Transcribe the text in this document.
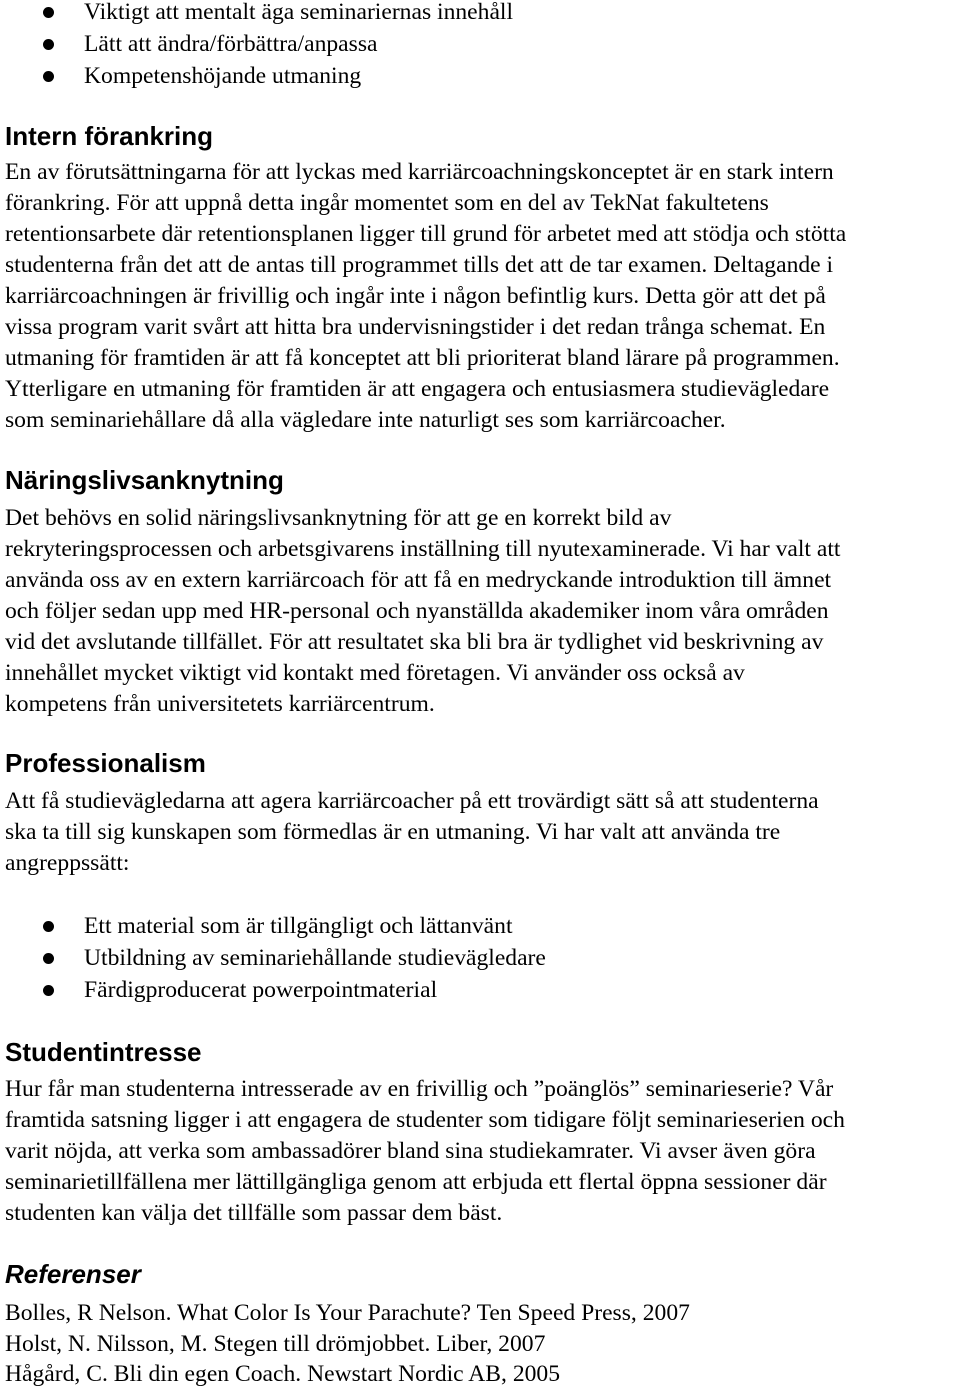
Viktigt att mentalt äga seminariernas innehåll
Lätt att ändra/förbättra/anpassa
Kompetenshöjande utmaning
Intern förankring
En av förutsättningarna för att lyckas med karriärcoachningskonceptet är en stark intern
förankring. För att uppnå detta ingår momentet som en del av TekNat fakultetens
retentionsarbete där retentionsplanen ligger till grund för arbetet med att stödja och stötta
studenterna från det att de antas till programmet tills det att de tar examen. Deltagande i
karriärcoachningen är frivillig och ingår inte i någon befintlig kurs. Detta gör att det på
vissa program varit svårt att hitta bra undervisningstider i det redan trånga schemat. En
utmaning för framtiden är att få konceptet att bli prioriterat bland lärare på programmen.
Ytterligare en utmaning för framtiden är att engagera och entusiasmera studievägledare
som seminariehållare då alla vägledare inte naturligt ses som karriärcoacher.
Näringslivsanknytning
Det behövs en solid näringslivsanknytning för att ge en korrekt bild av
rekryteringsprocessen och arbetsgivarens inställning till nyutexaminerade. Vi har valt att
använda oss av en extern karriärcoach för att få en medryckande introduktion till ämnet
och följer sedan upp med HR-personal och nyanställda akademiker inom våra områden
vid det avslutande tillfället. För att resultatet ska bli bra är tydlighet vid beskrivning av
innehållet mycket viktigt vid kontakt med företagen. Vi använder oss också av
kompetens från universitetets karriärcentrum.
Professionalism
Att få studievägledarna att agera karriärcoacher på ett trovärdigt sätt så att studenterna
ska ta till sig kunskapen som förmedlas är en utmaning. Vi har valt att använda tre
angreppssätt:
Ett material som är tillgängligt och lättanvänt
Utbildning av seminariehållande studievägledare
Färdigproducerat powerpointmaterial
Studentintresse
Hur får man studenterna intresserade av en frivillig och ”poänglös” seminarieserie? Vår
framtida satsning ligger i att engagera de studenter som tidigare följt seminarieserien och
varit nöjda, att verka som ambassadörer bland sina studiekamrater. Vi avser även göra
seminarietillfällena mer lättillgängliga genom att erbjuda ett flertal öppna sessioner där
studenten kan välja det tillfälle som passar dem bäst.
Referenser
Bolles, R Nelson. What Color Is Your Parachute? Ten Speed Press, 2007
Holst, N. Nilsson, M. Stegen till drömjobbet. Liber, 2007
Hågård, C. Bli din egen Coach. Newstart Nordic AB, 2005
